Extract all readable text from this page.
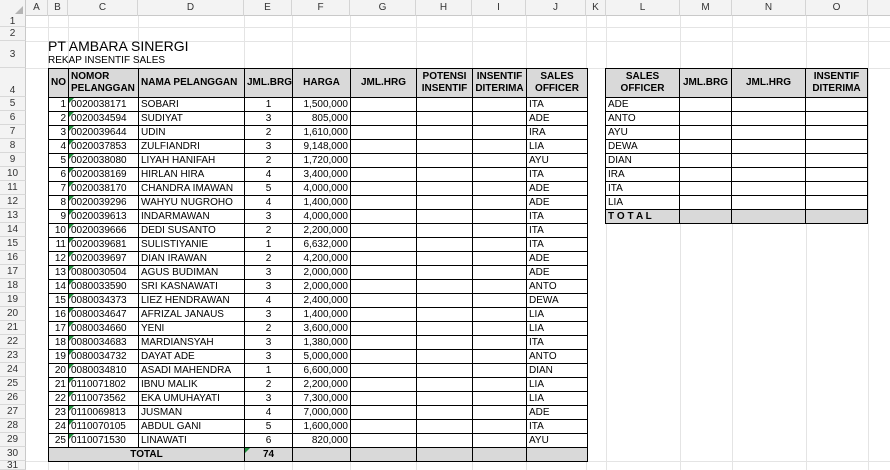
A	B	C	D	E	F	G	H	I	J	K	L	M	N	O
1
2
3
4
5
6
7
8
9
10
11
12
13
14
15
16
17
18
19
20
21
22
23
24
25
26
27
28
29
30
31
PT AMBARA SINERGI
REKAP INSENTIF SALES
NO	NOMOR PELANGGAN	NAMA PELANGGAN	JML.BRG	HARGA	JML.HRG	POTENSI INSENTIF	INSENTIF DITERIMA	SALES OFFICER
1	0020038171	SOBARI	1	1,500,000				ITA
2	0020034594	SUDIYAT	3	805,000				ADE
3	0020039644	UDIN	2	1,610,000				IRA
4	0020037853	ZULFIANDRI	3	9,148,000				LIA
5	0020038080	LIYAH HANIFAH	2	1,720,000				AYU
6	0020038169	HIRLAN HIRA	4	3,400,000				ITA
7	0020038170	CHANDRA IMAWAN	5	4,000,000				ADE
8	0020039296	WAHYU NUGROHO	4	1,400,000				ADE
9	0020039613	INDARMAWAN	3	4,000,000				ITA
10	0020039666	DEDI SUSANTO	2	2,200,000				ITA
11	0020039681	SULISTIYANIE	1	6,632,000				ITA
12	0020039697	DIAN IRAWAN	2	4,200,000				ADE
13	0080030504	AGUS BUDIMAN	3	2,000,000				ADE
14	0080033590	SRI KASNAWATI	3	2,000,000				ANTO
15	0080034373	LIEZ HENDRAWAN	4	2,400,000				DEWA
16	0080034647	AFRIZAL JANAUS	3	1,400,000				LIA
17	0080034660	YENI	2	3,600,000				LIA
18	0080034683	MARDIANSYAH	3	1,380,000				ITA
19	0080034732	DAYAT ADE	3	5,000,000				ANTO
20	0080034810	ASADI MAHENDRA	1	6,600,000				DIAN
21	0110071802	IBNU MALIK	2	2,200,000				LIA
22	0110073562	EKA UMUHAYATI	3	7,300,000				LIA
23	0110069813	JUSMAN	4	7,000,000				ADE
24	0110070105	ABDUL GANI	5	1,600,000				ITA
25	0110071530	LINAWATI	6	820,000				AYU
TOTAL			74					
SALES OFFICER	JML.BRG	JML.HRG	INSENTIF DITERIMA
ADE			
ANTO			
AYU			
DEWA			
DIAN			
IRA			
ITA			
LIA			
T O T A L			
